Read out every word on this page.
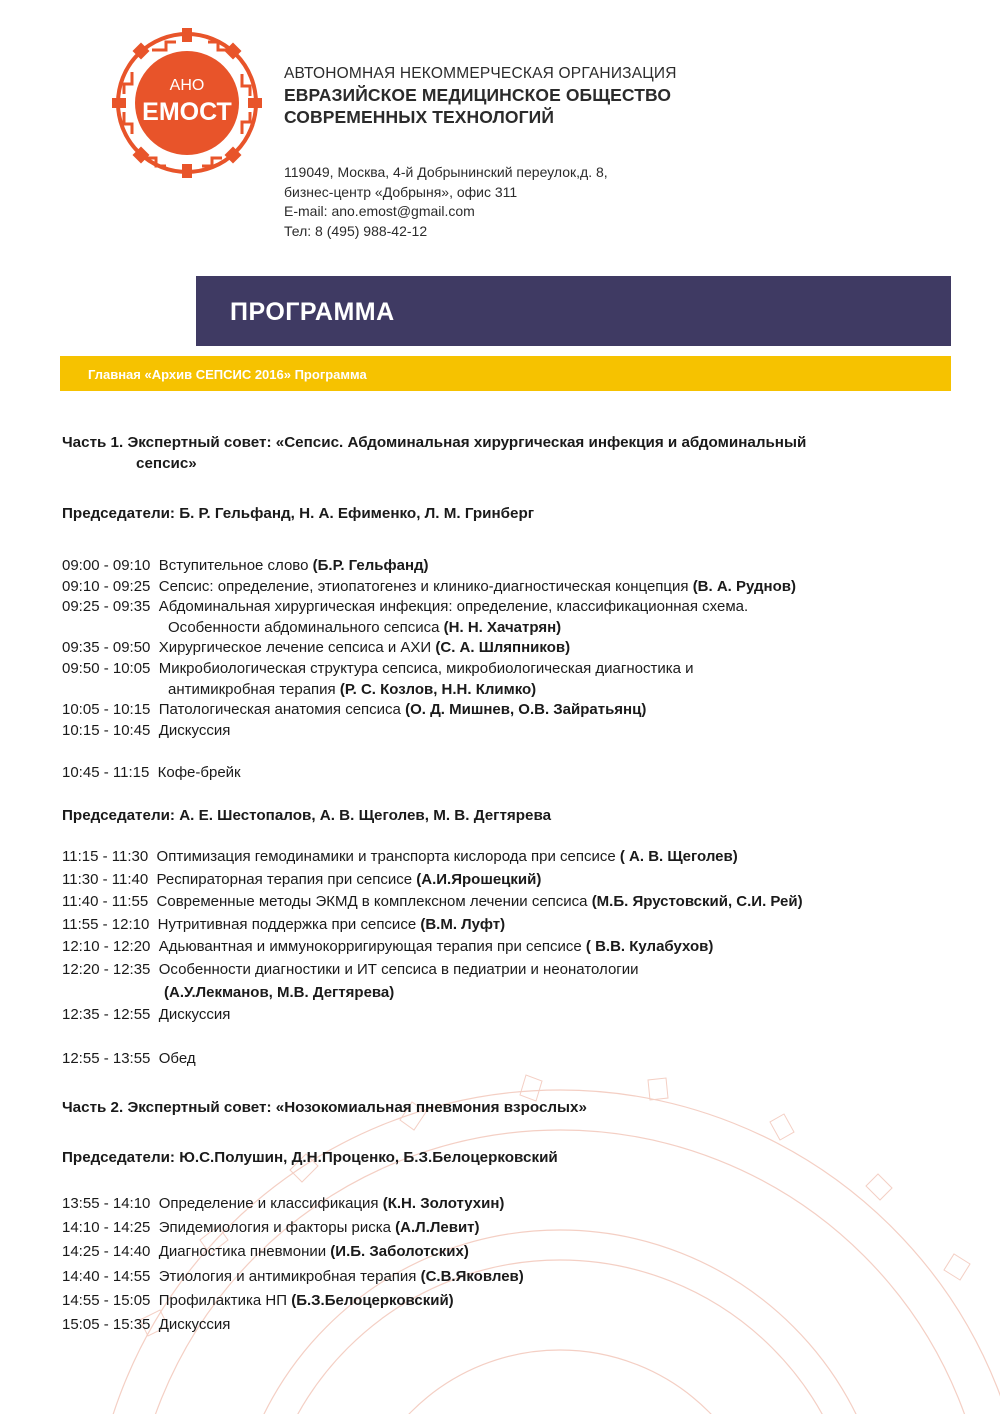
АНО
ЕМОСТ
АВТОНОМНАЯ НЕКОММЕРЧЕСКАЯ ОРГАНИЗАЦИЯ
ЕВРАЗИЙСКОЕ МЕДИЦИНСКОЕ ОБЩЕСТВО
СОВРЕМЕННЫХ ТЕХНОЛОГИЙ
119049, Москва, 4-й Добрынинский переулок,д. 8,
бизнес-центр «Добрыня», офис 311
E-mail: ano.emost@gmail.com
Тел: 8 (495) 988-42-12
ПРОГРАММА
Главная «Архив СЕПСИС 2016» Программа
Часть 1. Экспертный совет: «Сепсис. Абдоминальная хирургическая инфекция и абдоминальный
сепсис»
Председатели: Б. Р. Гельфанд, Н. А. Ефименко, Л. М. Гринберг
09:00 - 09:10 Вступительное слово (Б.Р. Гельфанд)
09:10 - 09:25 Сепсис: определение, этиопатогенез и клинико-диагностическая концепция (В. А. Руднов)
09:25 - 09:35 Абдоминальная хирургическая инфекция: определение, классификационная схема.
Особенности абдоминального сепсиса (Н. Н. Хачатрян)
09:35 - 09:50 Хирургическое лечение сепсиса и АХИ (С. А. Шляпников)
09:50 - 10:05 Микробиологическая структура сепсиса, микробиологическая диагностика и
антимикробная терапия (Р. С. Козлов, Н.Н. Климко)
10:05 - 10:15 Патологическая анатомия сепсиса (О. Д. Мишнев, О.В. Зайратьянц)
10:15 - 10:45 Дискуссия
10:45 - 11:15 Кофе-брейк
Председатели: А. Е. Шестопалов, А. В. Щеголев, М. В. Дегтярева
11:15 - 11:30 Оптимизация гемодинамики и транспорта кислорода при сепсисе ( А. В. Щеголев)
11:30 - 11:40 Респираторная терапия при сепсисе (А.И.Ярошецкий)
11:40 - 11:55 Современные методы ЭКМД в комплексном лечении сепсиса (М.Б. Ярустовский, С.И. Рей)
11:55 - 12:10 Нутритивная поддержка при сепсисе (В.М. Луфт)
12:10 - 12:20 Адьювантная и иммунокорригирующая терапия при сепсисе ( В.В. Кулабухов)
12:20 - 12:35 Особенности диагностики и ИТ сепсиса в педиатрии и неонатологии
(А.У.Лекманов, М.В. Дегтярева)
12:35 - 12:55 Дискуссия
12:55 - 13:55 Обед
Часть 2. Экспертный совет: «Нозокомиальная пневмония взрослых»
Председатели: Ю.С.Полушин, Д.Н.Проценко, Б.З.Белоцерковский
13:55 - 14:10 Определение и классификация (К.Н. Золотухин)
14:10 - 14:25 Эпидемиология и факторы риска (А.Л.Левит)
14:25 - 14:40 Диагностика пневмонии (И.Б. Заболотских)
14:40 - 14:55 Этиология и антимикробная терапия (С.В.Яковлев)
14:55 - 15:05 Профилактика НП (Б.З.Белоцерковский)
15:05 - 15:35 Дискуссия
